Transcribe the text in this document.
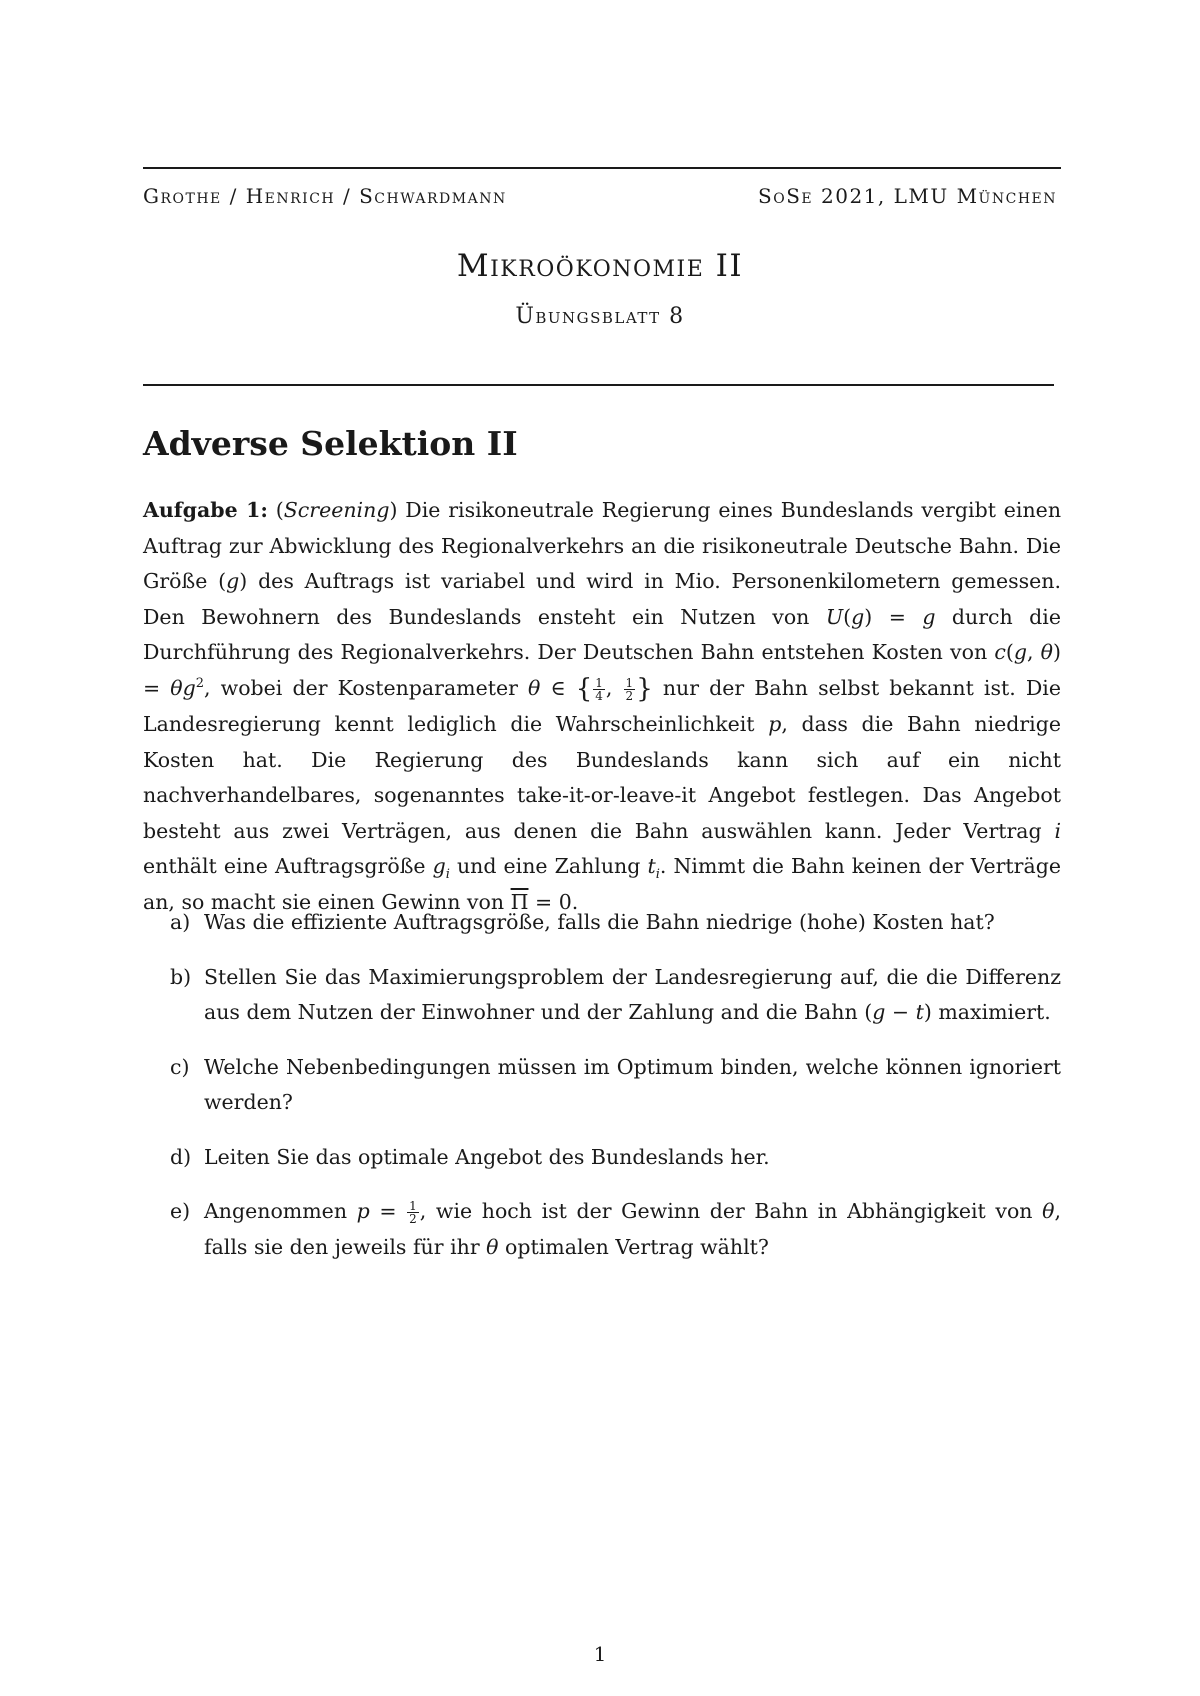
Grothe / Henrich / Schwardmann	SoSe 2021, LMU München
Mikroökonomie II
Übungsblatt 8
Adverse Selektion II
Aufgabe 1: (Screening) Die risikoneutrale Regierung eines Bundeslands vergibt einen Auftrag zur Abwicklung des Regionalverkehrs an die risikoneutrale Deutsche Bahn. Die Größe (g) des Auftrags ist variabel und wird in Mio. Personenkilometern gemessen. Den Bewohnern des Bundeslands ensteht ein Nutzen von U(g) = g durch die Durchführung des Regionalverkehrs. Der Deutschen Bahn entstehen Kosten von c(g, $\theta) = \theta g^2$, wobei der Kostenparameter θ ∈ { $\frac{1}{4}$ , $\frac{1}{2}$ } nur der Bahn selbst bekannt ist. Die Landesregierung kennt lediglich die Wahrscheinlichkeit p, dass die Bahn niedrige Kosten hat. Die Regierung des Bundeslands kann sich auf ein nicht nachverhandelbares, sogenanntes take-it-or-leave-it Angebot festlegen. Das Angebot besteht aus zwei Verträgen, aus denen die Bahn auswählen kann. Jeder Vertrag i enthält eine Auftragsgröße $g_i$ und eine Zahlung $t_i$. Nimmt die Bahn keinen der Verträge an, so macht sie einen Gewinn von $\overline{\Pi} = 0$.
a) Was die effiziente Auftragsgröße, falls die Bahn niedrige (hohe) Kosten hat?
b) Stellen Sie das Maximierungsproblem der Landesregierung auf, die die Differenz aus dem Nutzen der Einwohner und der Zahlung and die Bahn (g − t) maximiert.
c) Welche Nebenbedingungen müssen im Optimum binden, welche können ignoriert werden?
d) Leiten Sie das optimale Angebot des Bundeslands her.
e) Angenommen $p = \frac{1}{2}$ , wie hoch ist der Gewinn der Bahn in Abhängigkeit von θ, falls sie den jeweils für ihr θ optimalen Vertrag wählt?
1
